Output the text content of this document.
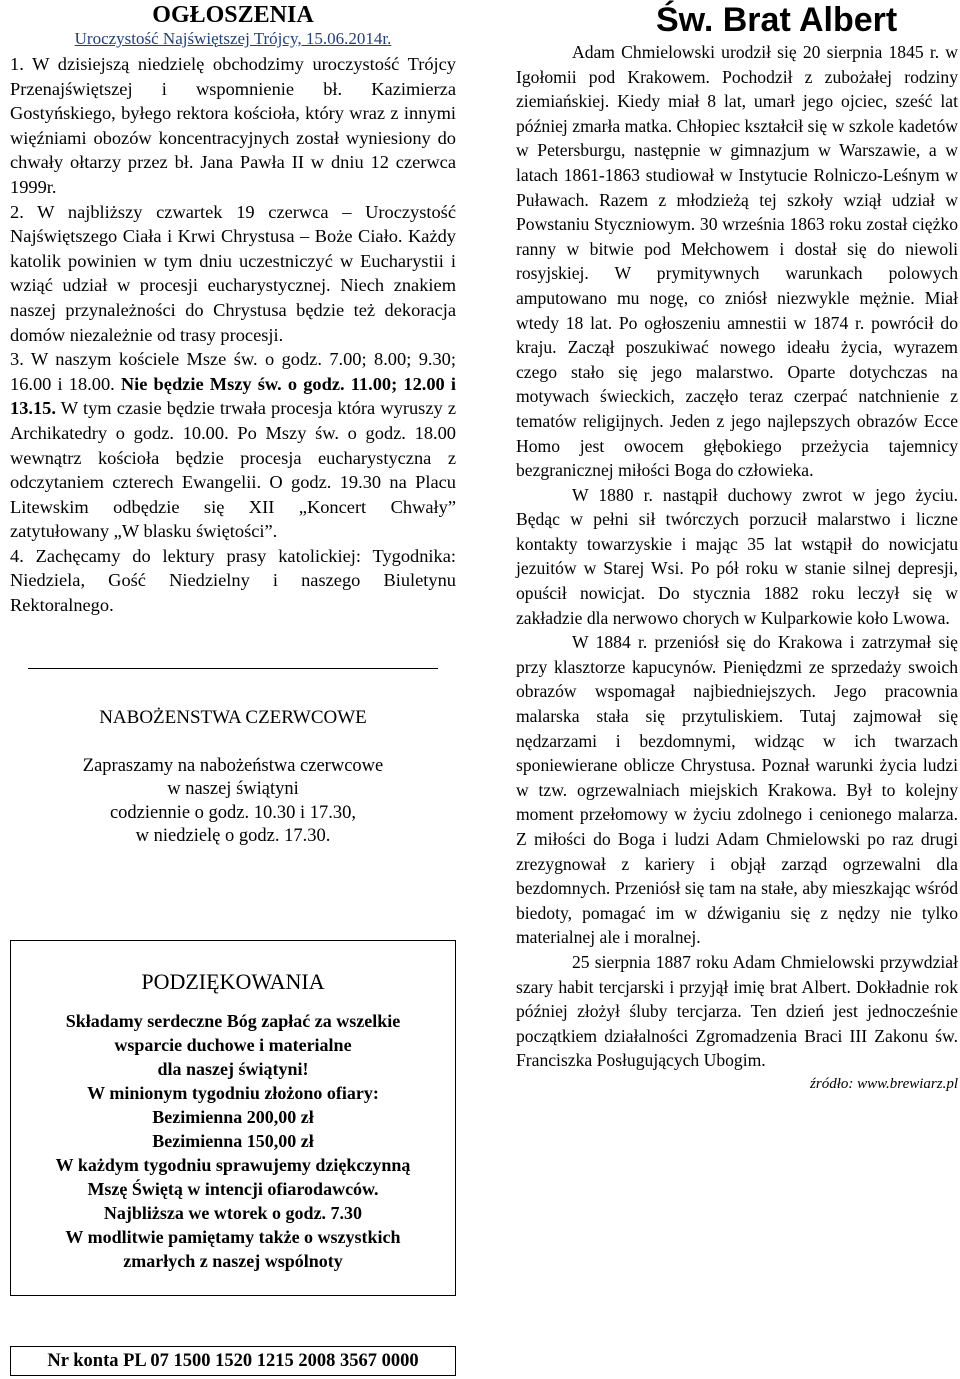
OGŁOSZENIA
Uroczystość Najświętszej Trójcy, 15.06.2014r.

1. W dzisiejszą niedzielę obchodzimy uroczystość Trójcy Przenajświętszej i wspomnienie bł. Kazimierza Gostyńskiego, byłego rektora kościoła, który wraz z innymi więźniami obozów koncentracyjnych został wyniesiony do chwały ołtarzy przez bł. Jana Pawła II w dniu 12 czerwca 1999r.

2. W najbliższy czwartek 19 czerwca – Uroczystość Najświętszego Ciała i Krwi Chrystusa – Boże Ciało. Każdy katolik powinien w tym dniu uczestniczyć w Eucharystii i wziąć udział w procesji eucharystycznej. Niech znakiem naszej przynależności do Chrystusa będzie też dekoracja domów niezależnie od trasy procesji.

3. W naszym kościele Msze św. o godz. 7.00; 8.00; 9.30; 16.00 i 18.00. Nie będzie Mszy św. o godz. 11.00; 12.00 i 13.15. W tym czasie będzie trwała procesja która wyruszy z Archikatedry o godz. 10.00. Po Mszy św. o godz. 18.00 wewnątrz kościoła będzie procesja eucharystyczna z odczytaniem czterech Ewangelii. O godz. 19.30 na Placu Litewskim odbędzie się XII „Koncert Chwały” zatytułowany „W blasku świętości”.

4. Zachęcamy do lektury prasy katolickiej: Tygodnika: Niedziela, Gość Niedzielny i naszego Biuletynu Rektoralnego.

NABOŻENSTWA CZERWCOWE
Zapraszamy na nabożeństwa czerwcowe
w naszej świątyni
codziennie o godz. 10.30 i 17.30,
w niedzielę o godz. 17.30.
PODZIĘKOWANIA
Składamy serdeczne Bóg zapłać za wszelkie
wsparcie duchowe i materialne
dla naszej świątyni!
W minionym tygodniu złożono ofiary:
Bezimienna 200,00 zł
Bezimienna 150,00 zł
W każdym tygodniu sprawujemy dziękczynną
Mszę Świętą w intencji ofiarodawców.
Najbliższa we wtorek o godz. 7.30
W modlitwie pamiętamy także o wszystkich
zmarłych z naszej wspólnoty
Nr konta PL 07 1500 1520 1215 2008 3567 0000
Św. Brat Albert

Adam Chmielowski urodził się 20 sierpnia 1845 r. w Igołomii pod Krakowem. Pochodził z zubożałej rodziny ziemiańskiej. Kiedy miał 8 lat, umarł jego ojciec, sześć lat później zmarła matka. Chłopiec kształcił się w szkole kadetów w Petersburgu, następnie w gimnazjum w Warszawie, a w latach 1861-1863 studiował w Instytucie Rolniczo-Leśnym w Puławach. Razem z młodzieżą tej szkoły wziął udział w Powstaniu Styczniowym. 30 września 1863 roku został ciężko ranny w bitwie pod Mełchowem i dostał się do niewoli rosyjskiej. W prymitywnych warunkach polowych amputowano mu nogę, co zniósł niezwykle mężnie. Miał wtedy 18 lat. Po ogłoszeniu amnestii w 1874 r. powrócił do kraju. Zaczął poszukiwać nowego ideału życia, wyrazem czego stało się jego malarstwo. Oparte dotychczas na motywach świeckich, zaczęło teraz czerpać natchnienie z tematów religijnych. Jeden z jego najlepszych obrazów Ecce Homo jest owocem głębokiego przeżycia tajemnicy bezgranicznej miłości Boga do człowieka.

W 1880 r. nastąpił duchowy zwrot w jego życiu. Będąc w pełni sił twórczych porzucił malarstwo i liczne kontakty towarzyskie i mając 35 lat wstąpił do nowicjatu jezuitów w Starej Wsi. Po pół roku w stanie silnej depresji, opuścił nowicjat. Do stycznia 1882 roku leczył się w zakładzie dla nerwowo chorych w Kulparkowie koło Lwowa.

W 1884 r. przeniósł się do Krakowa i zatrzymał się przy klasztorze kapucynów. Pieniędzmi ze sprzedaży swoich obrazów wspomagał najbiedniejszych. Jego pracownia malarska stała się przytuliskiem. Tutaj zajmował się nędzarzami i bezdomnymi, widząc w ich twarzach sponiewierane oblicze Chrystusa. Poznał warunki życia ludzi w tzw. ogrzewalniach miejskich Krakowa. Był to kolejny moment przełomowy w życiu zdolnego i cenionego malarza. Z miłości do Boga i ludzi Adam Chmielowski po raz drugi zrezygnował z kariery i objął zarząd ogrzewalni dla bezdomnych. Przeniósł się tam na stałe, aby mieszkając wśród biedoty, pomagać im w dźwiganiu się z nędzy nie tylko materialnej ale i moralnej.

25 sierpnia 1887 roku Adam Chmielowski przywdział szary habit tercjarski i przyjął imię brat Albert. Dokładnie rok później złożył śluby tercjarza. Ten dzień jest jednocześnie początkiem działalności Zgromadzenia Braci III Zakonu św. Franciszka Posługujących Ubogim.

źródło: www.brewiarz.pl
